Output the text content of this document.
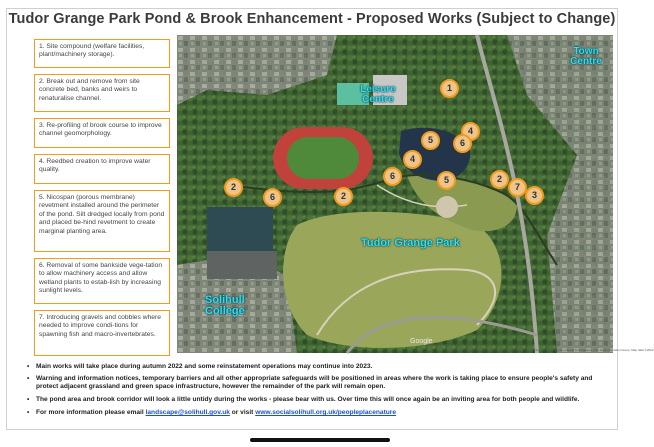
Tudor Grange Park Pond & Brook Enhancement - Proposed Works (Subject to Change)
1. Site compound (welfare facilities, plant/machinery storage).
2. Break out and remove from site concrete bed, banks and weirs to renaturalise channel.
3. Re-profiling of brook course to improve channel geomorphology.
4. Reedbed creation to improve water quality.
5. Nicospan (porous membrane) revetment installed around the perimeter of the pond. Silt dredged locally from pond and placed be-hind revetment to create marginal planting area.
6. Removal of some bankside vege-tation to allow machinery access and allow wetland plants to estab-lish by increasing sunlight levels.
7. Introducing gravels and cobbles where needed to improve condi-tions for spawning fish and macro-invertebrates.
Town Centre
Leisure Centre
Tudor Grange Park
Solihull College
1
2
2
2
3
4
4
5
5
6
6
6
7
Google
Imagery ©2022 Google, Imagery ©2022 Bluesky, Getmapping plc, Infoterra Ltd & Bluesky, Maxar Technologies, The GeoInformation Group, Map data ©2022
• Main works will take place during autumn 2022 and some reinstatement operations may continue into 2023.
• Warning and information notices, temporary barriers and all other appropriate safeguards will be positioned in areas where the work is taking place to ensure people's safety and protect adjacent grassland and green space infrastructure, however the remainder of the park will remain open.
• The pond area and brook corridor will look a little untidy during the works - please bear with us. Over time this will once again be an inviting area for both people and wildlife.
• For more information please email landscape@solihull.gov.uk or visit www.socialsolihull.org.uk/peopleplacenature
